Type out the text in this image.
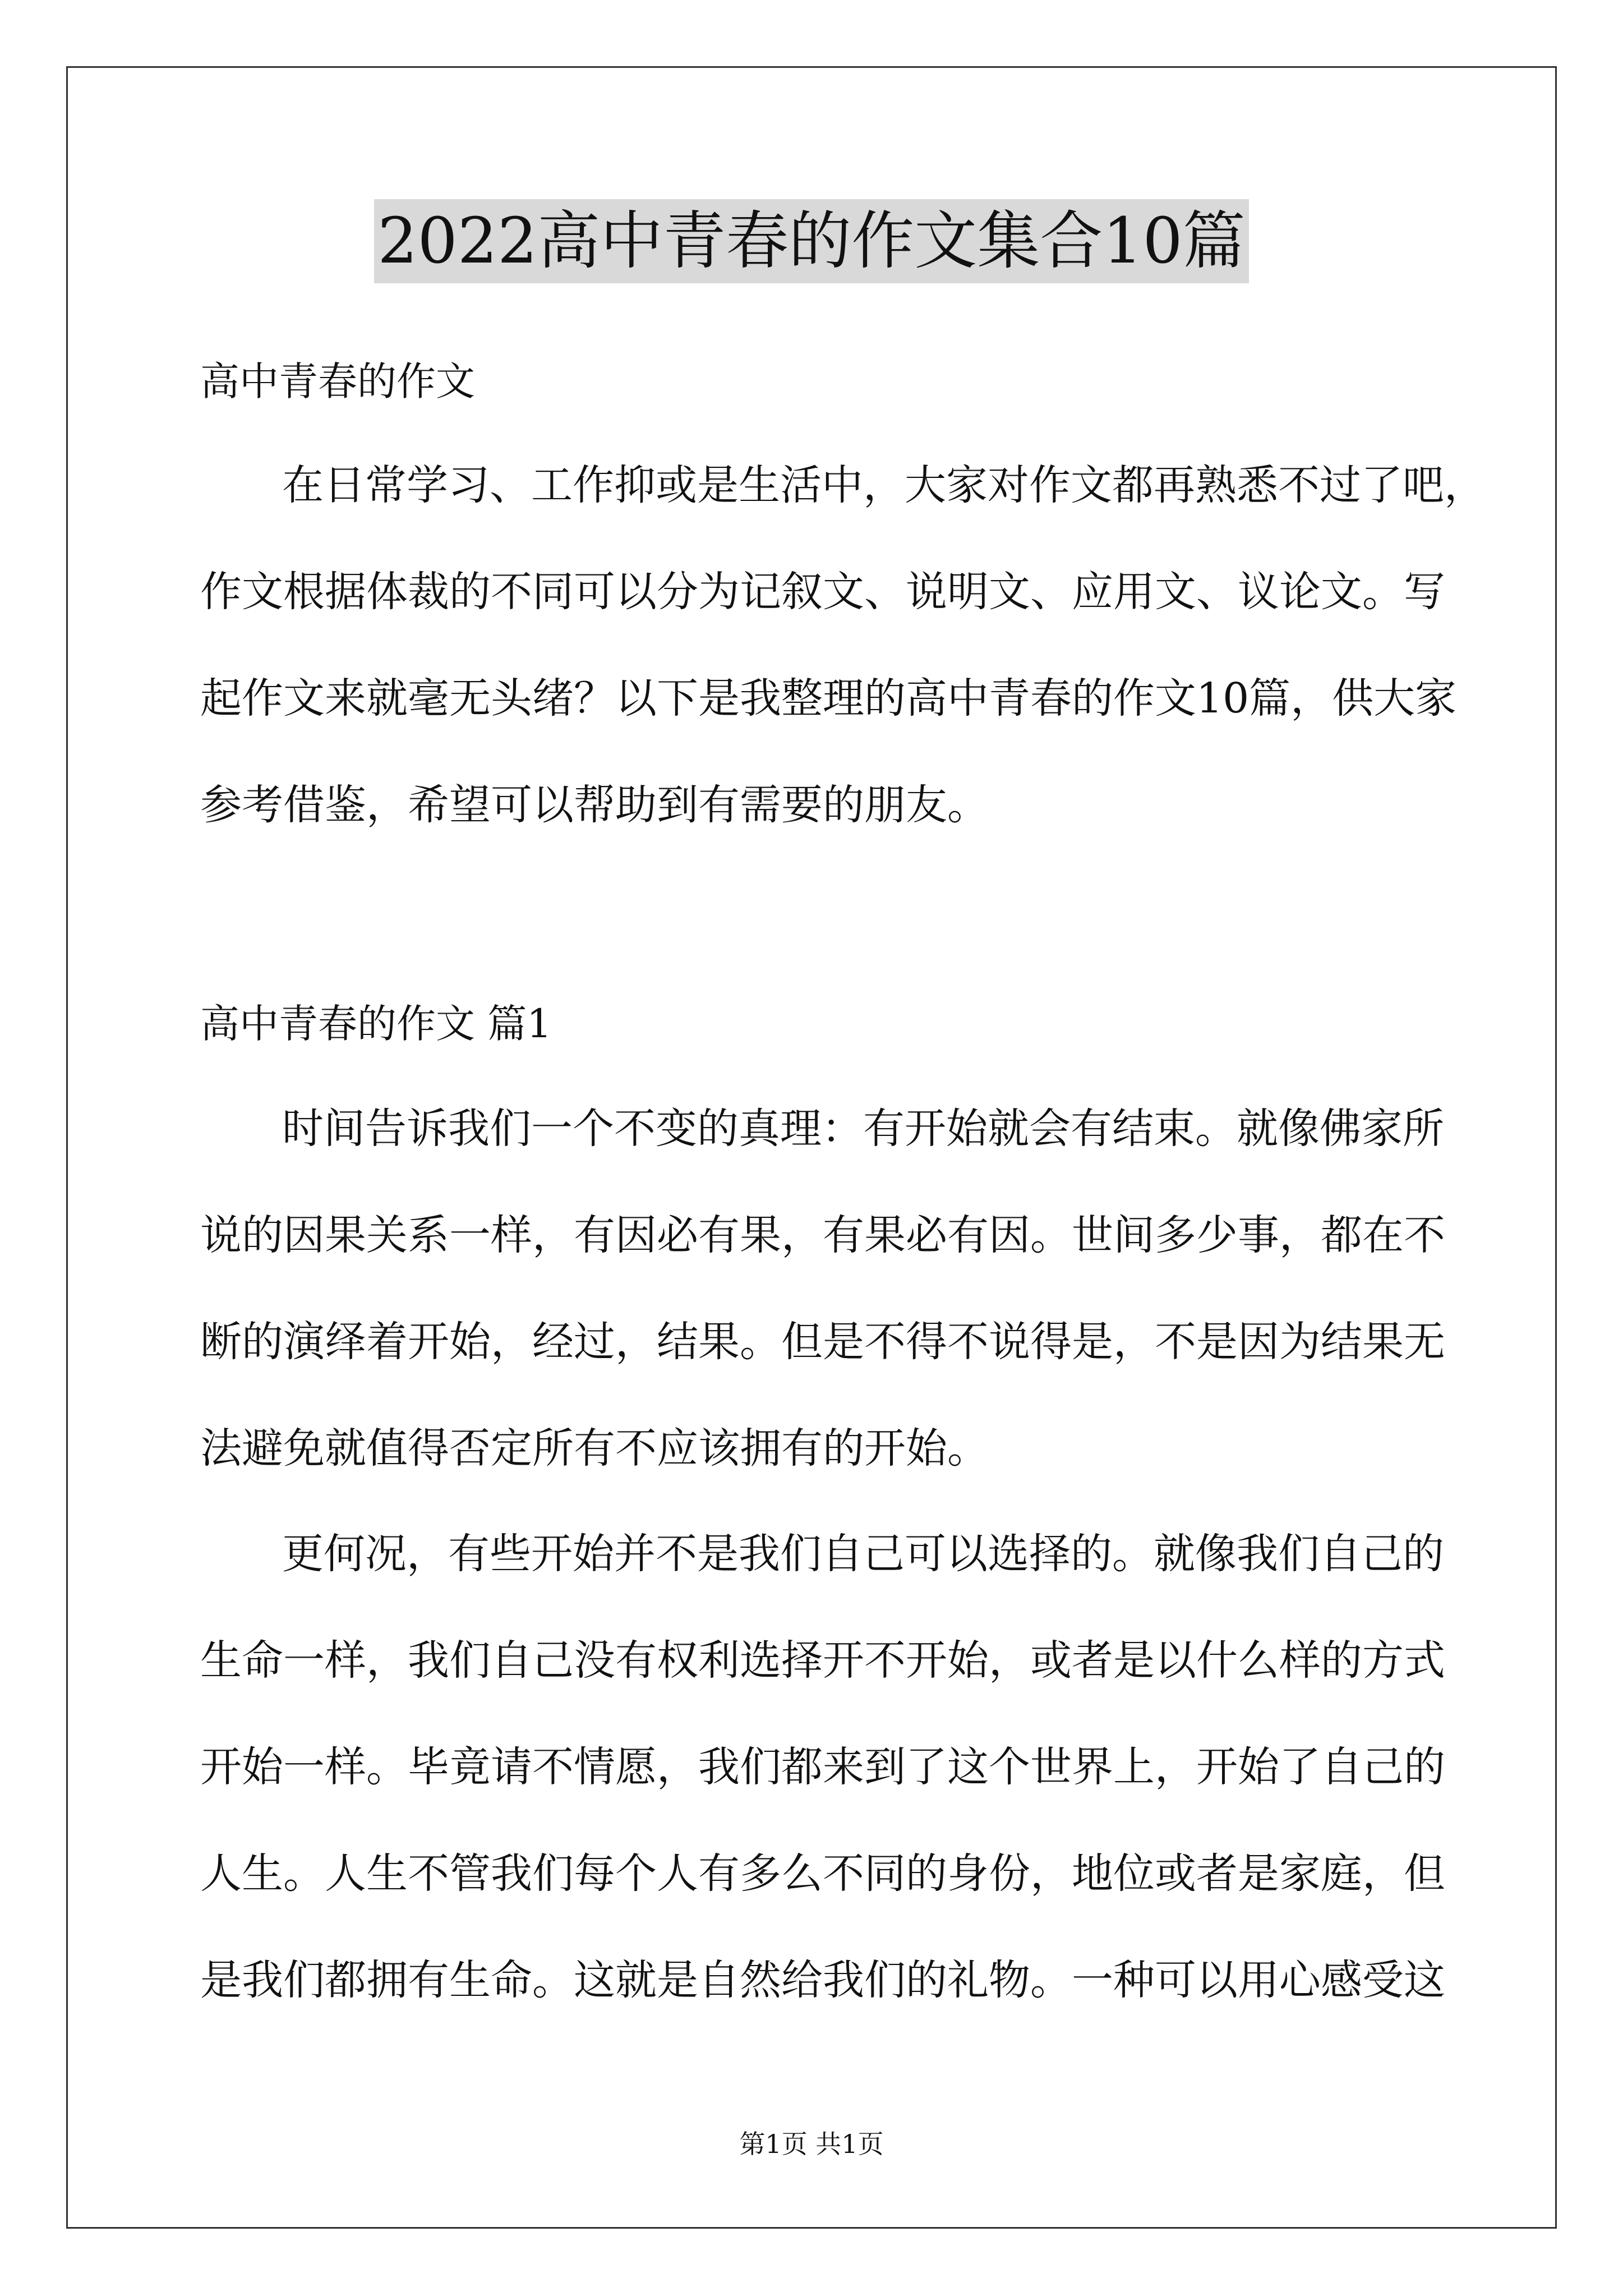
2022高中青春的作文集合10篇
高中青春的作文
在日常学习、工作抑或是生活中，大家对作文都再熟悉不过了吧，
作文根据体裁的不同可以分为记叙文、说明文、应用文、议论文。写
起作文来就毫无头绪？以下是我整理的高中青春的作文10篇，供大家
参考借鉴，希望可以帮助到有需要的朋友。
高中青春的作文 篇1
时间告诉我们一个不变的真理：有开始就会有结束。就像佛家所
说的因果关系一样，有因必有果，有果必有因。世间多少事，都在不
断的演绎着开始，经过，结果。但是不得不说得是，不是因为结果无
法避免就值得否定所有不应该拥有的开始。
更何况，有些开始并不是我们自己可以选择的。就像我们自己的
生命一样，我们自己没有权利选择开不开始，或者是以什么样的方式
开始一样。毕竟请不情愿，我们都来到了这个世界上，开始了自己的
人生。人生不管我们每个人有多么不同的身份，地位或者是家庭，但
是我们都拥有生命。这就是自然给我们的礼物。一种可以用心感受这
第1页 共1页
